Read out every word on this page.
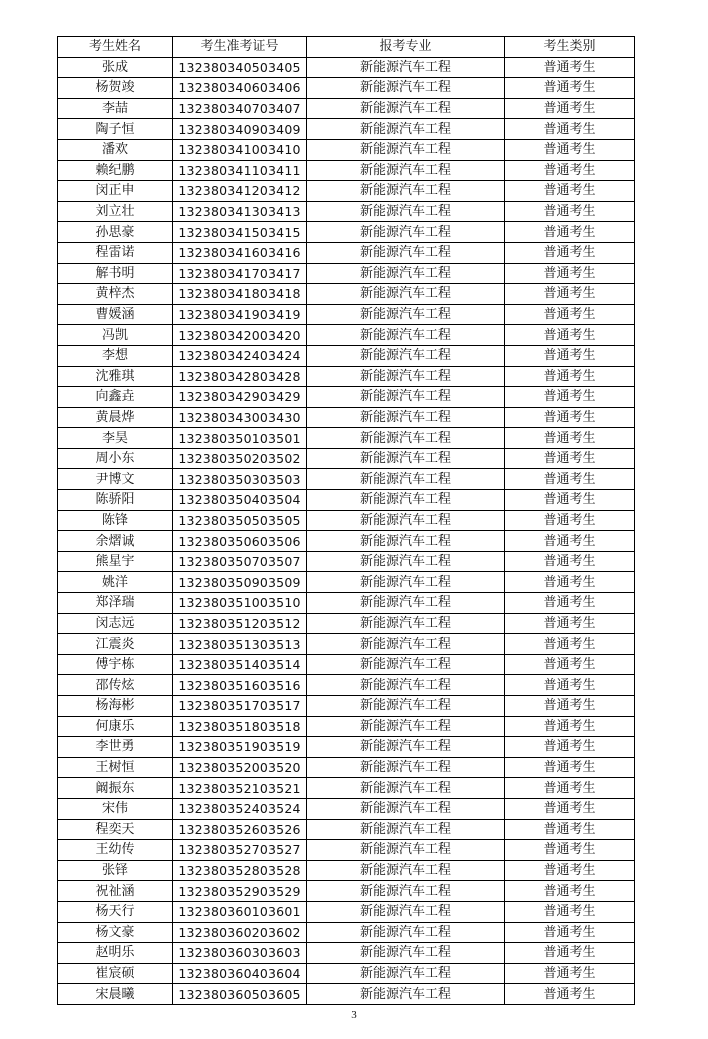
考生姓名	考生准考证号	报考专业	考生类别
张成	132380340503405	新能源汽车工程	普通考生
杨贺竣	132380340603406	新能源汽车工程	普通考生
李喆	132380340703407	新能源汽车工程	普通考生
陶子恒	132380340903409	新能源汽车工程	普通考生
潘欢	132380341003410	新能源汽车工程	普通考生
赖纪鹏	132380341103411	新能源汽车工程	普通考生
闵正申	132380341203412	新能源汽车工程	普通考生
刘立壮	132380341303413	新能源汽车工程	普通考生
孙思豪	132380341503415	新能源汽车工程	普通考生
程雷诺	132380341603416	新能源汽车工程	普通考生
解书明	132380341703417	新能源汽车工程	普通考生
黄梓杰	132380341803418	新能源汽车工程	普通考生
曹媛涵	132380341903419	新能源汽车工程	普通考生
冯凯	132380342003420	新能源汽车工程	普通考生
李想	132380342403424	新能源汽车工程	普通考生
沈雅琪	132380342803428	新能源汽车工程	普通考生
向鑫垚	132380342903429	新能源汽车工程	普通考生
黄晨烨	132380343003430	新能源汽车工程	普通考生
李昊	132380350103501	新能源汽车工程	普通考生
周小东	132380350203502	新能源汽车工程	普通考生
尹博文	132380350303503	新能源汽车工程	普通考生
陈骄阳	132380350403504	新能源汽车工程	普通考生
陈锋	132380350503505	新能源汽车工程	普通考生
余熠诚	132380350603506	新能源汽车工程	普通考生
熊星宇	132380350703507	新能源汽车工程	普通考生
姚洋	132380350903509	新能源汽车工程	普通考生
郑泽瑞	132380351003510	新能源汽车工程	普通考生
闵志远	132380351203512	新能源汽车工程	普通考生
江震炎	132380351303513	新能源汽车工程	普通考生
傅宇栋	132380351403514	新能源汽车工程	普通考生
邵传炫	132380351603516	新能源汽车工程	普通考生
杨海彬	132380351703517	新能源汽车工程	普通考生
何康乐	132380351803518	新能源汽车工程	普通考生
李世勇	132380351903519	新能源汽车工程	普通考生
王树恒	132380352003520	新能源汽车工程	普通考生
阚振东	132380352103521	新能源汽车工程	普通考生
宋伟	132380352403524	新能源汽车工程	普通考生
程奕天	132380352603526	新能源汽车工程	普通考生
王幼传	132380352703527	新能源汽车工程	普通考生
张铎	132380352803528	新能源汽车工程	普通考生
祝祉涵	132380352903529	新能源汽车工程	普通考生
杨天行	132380360103601	新能源汽车工程	普通考生
杨文豪	132380360203602	新能源汽车工程	普通考生
赵明乐	132380360303603	新能源汽车工程	普通考生
崔宸硕	132380360403604	新能源汽车工程	普通考生
宋晨曦	132380360503605	新能源汽车工程	普通考生
3
